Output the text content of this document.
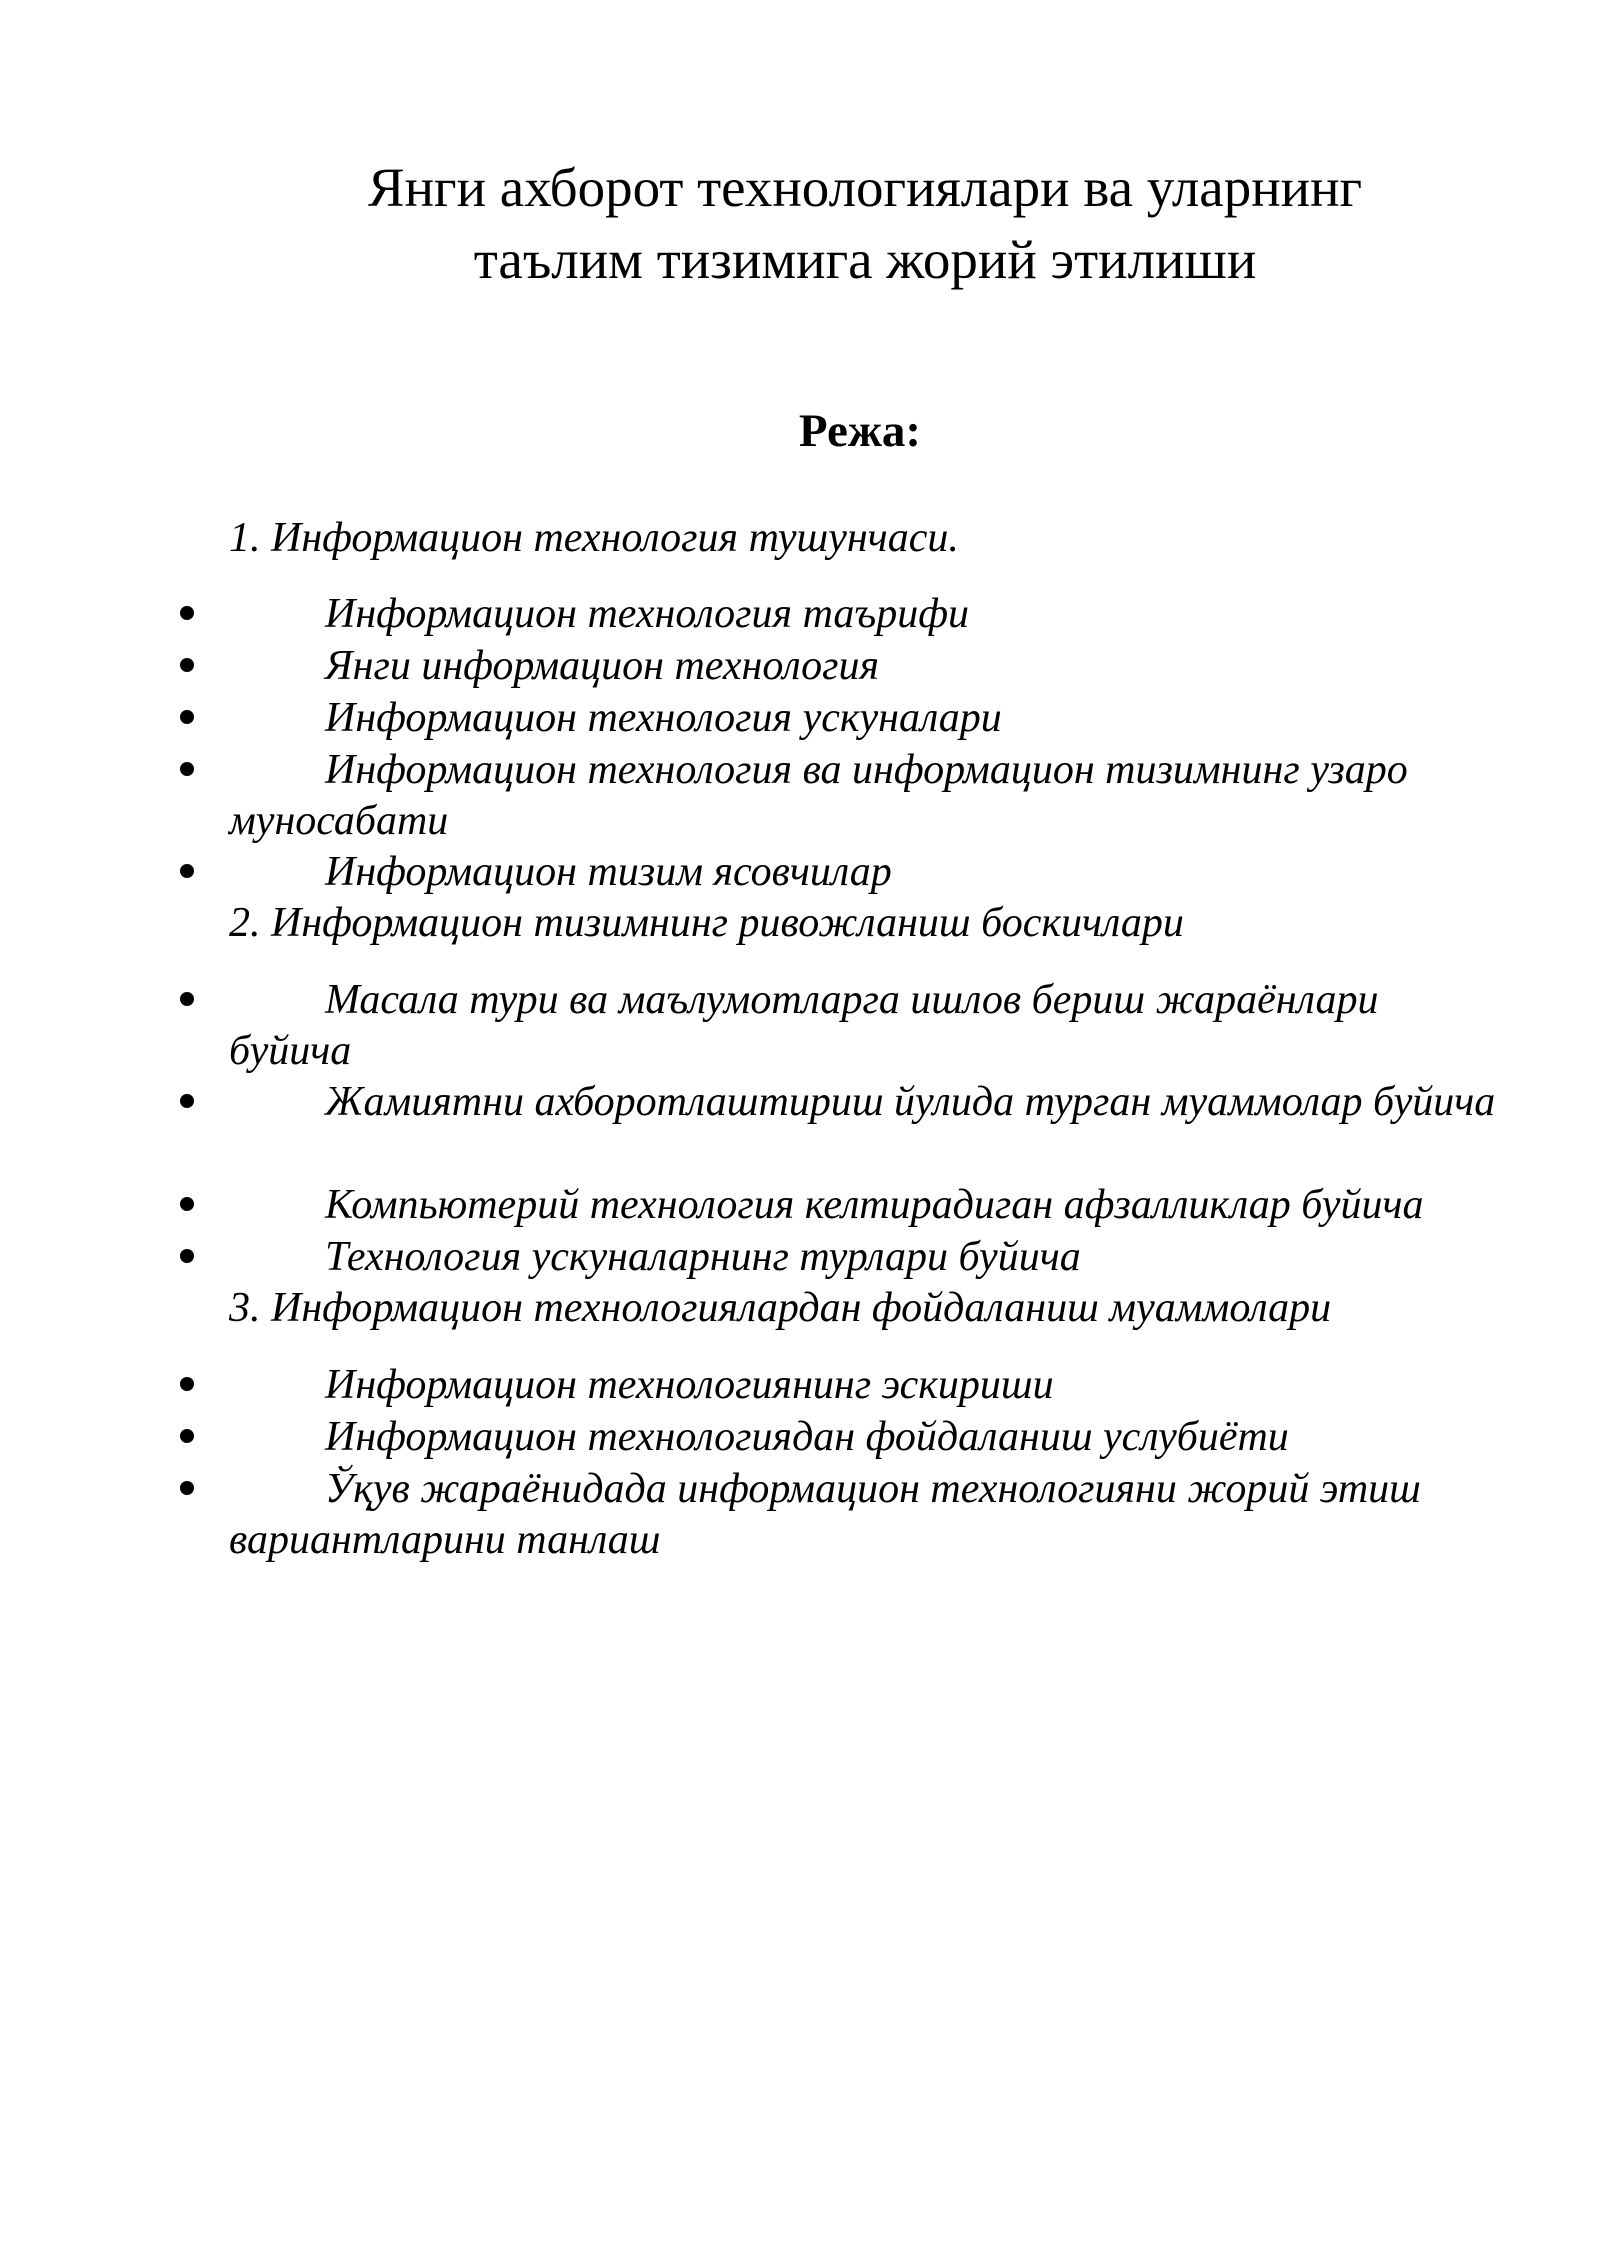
Янги ахборот технологиялари ва уларнинг
таълим тизимига жорий этилиши
Режа:
1. Информацион технология тушунчаси.
Информацион технология таърифи
Янги информацион технология
Информацион технология ускуналари
Информацион технология ва информацион тизимнинг узаро муносабати
Информацион тизим ясовчилар
2. Информацион тизимнинг ривожланиш боскичлари
Масала тури ва маълумотларга ишлов бериш жараёнлари буйича
Жамиятни ахборотлаштириш йулида турган муаммолар буйича
Компьютерий технология келтирадиган афзалликлар буйича
Технология ускуналарнинг турлари буйича
3. Информацион технологиялардан фойдаланиш муаммолари
Информацион технологиянинг эскириши
Информацион технологиядан фойдаланиш услубиёти
Ўқув жараёнидада информацион технологияни жорий этиш вариантларини танлаш
